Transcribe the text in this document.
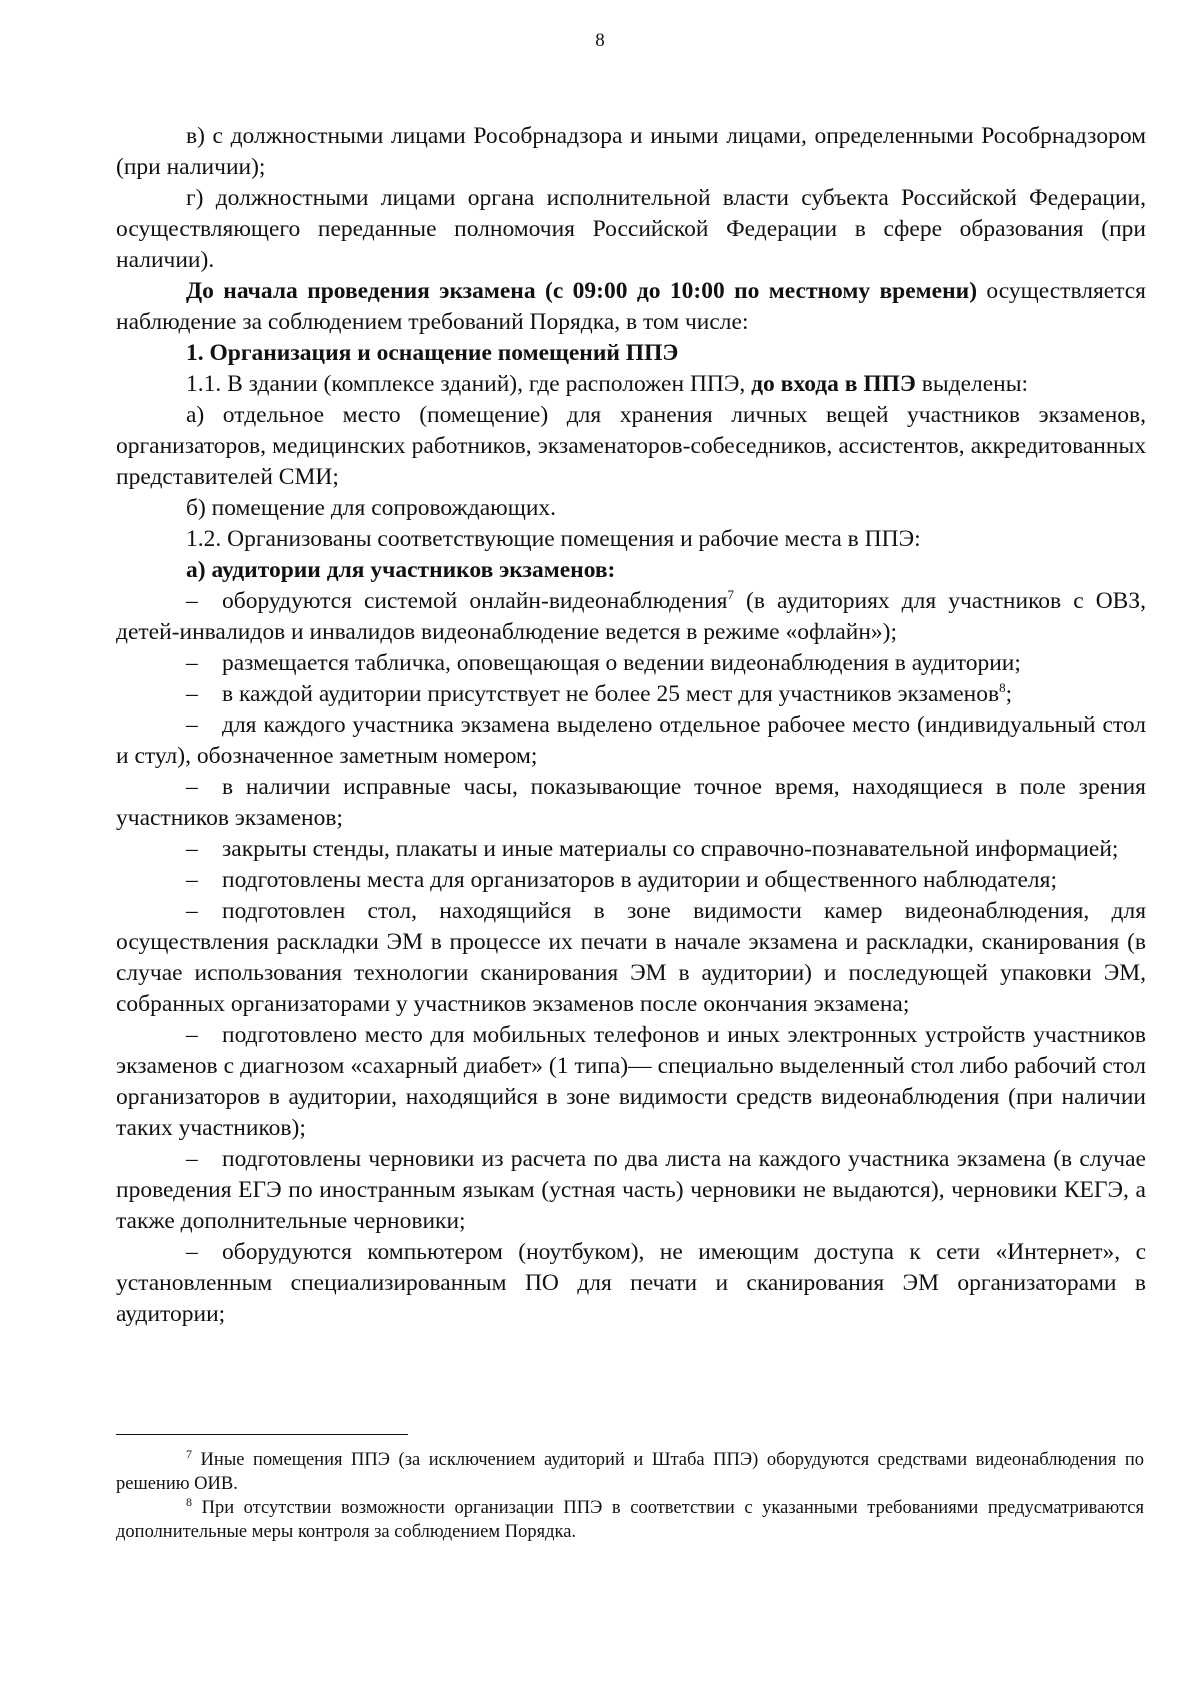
8

в) с должностными лицами Рособрнадзора и иными лицами, определенными Рособрнадзором (при наличии);

г) должностными лицами органа исполнительной власти субъекта Российской Федерации, осуществляющего переданные полномочия Российской Федерации в сфере образования (при наличии).

До начала проведения экзамена (с 09:00 до 10:00 по местному времени) осуществляется наблюдение за соблюдением требований Порядка, в том числе:

1. Организация и оснащение помещений ППЭ

1.1. В здании (комплексе зданий), где расположен ППЭ, до входа в ППЭ выделены:

а) отдельное место (помещение) для хранения личных вещей участников экзаменов, организаторов, медицинских работников, экзаменаторов-собеседников, ассистентов, аккредитованных представителей СМИ;

б) помещение для сопровождающих.

1.2. Организованы соответствующие помещения и рабочие места в ППЭ:

а) аудитории для участников экзаменов:

– оборудуются системой онлайн-видеонаблюдения$^7$ (в аудиториях для участников с ОВЗ, детей-инвалидов и инвалидов видеонаблюдение ведется в режиме «офлайн»);

– размещается табличка, оповещающая о ведении видеонаблюдения в аудитории;

– в каждой аудитории присутствует не более 25 мест для участников экзаменов$^8$;

– для каждого участника экзамена выделено отдельное рабочее место (индивидуальный стол и стул), обозначенное заметным номером;

– в наличии исправные часы, показывающие точное время, находящиеся в поле зрения участников экзаменов;

– закрыты стенды, плакаты и иные материалы со справочно-познавательной информацией;

– подготовлены места для организаторов в аудитории и общественного наблюдателя;

– подготовлен стол, находящийся в зоне видимости камер видеонаблюдения, для осуществления раскладки ЭМ в процессе их печати в начале экзамена и раскладки, сканирования (в случае использования технологии сканирования ЭМ в аудитории) и последующей упаковки ЭМ, собранных организаторами у участников экзаменов после окончания экзамена;

– подготовлено место для мобильных телефонов и иных электронных устройств участников экзаменов с диагнозом «сахарный диабет» (1 типа)— специально выделенный стол либо рабочий стол организаторов в аудитории, находящийся в зоне видимости средств видеонаблюдения (при наличии таких участников);

– подготовлены черновики из расчета по два листа на каждого участника экзамена (в случае проведения ЕГЭ по иностранным языкам (устная часть) черновики не выдаются), черновики КЕГЭ, а также дополнительные черновики;

– оборудуются компьютером (ноутбуком), не имеющим доступа к сети «Интернет», с установленным специализированным ПО для печати и сканирования ЭМ организаторами в аудитории;

$^7$ Иные помещения ППЭ (за исключением аудиторий и Штаба ППЭ) оборудуются средствами видеонаблюдения по решению ОИВ.

$^8$ При отсутствии возможности организации ППЭ в соответствии с указанными требованиями предусматриваются дополнительные меры контроля за соблюдением Порядка.
